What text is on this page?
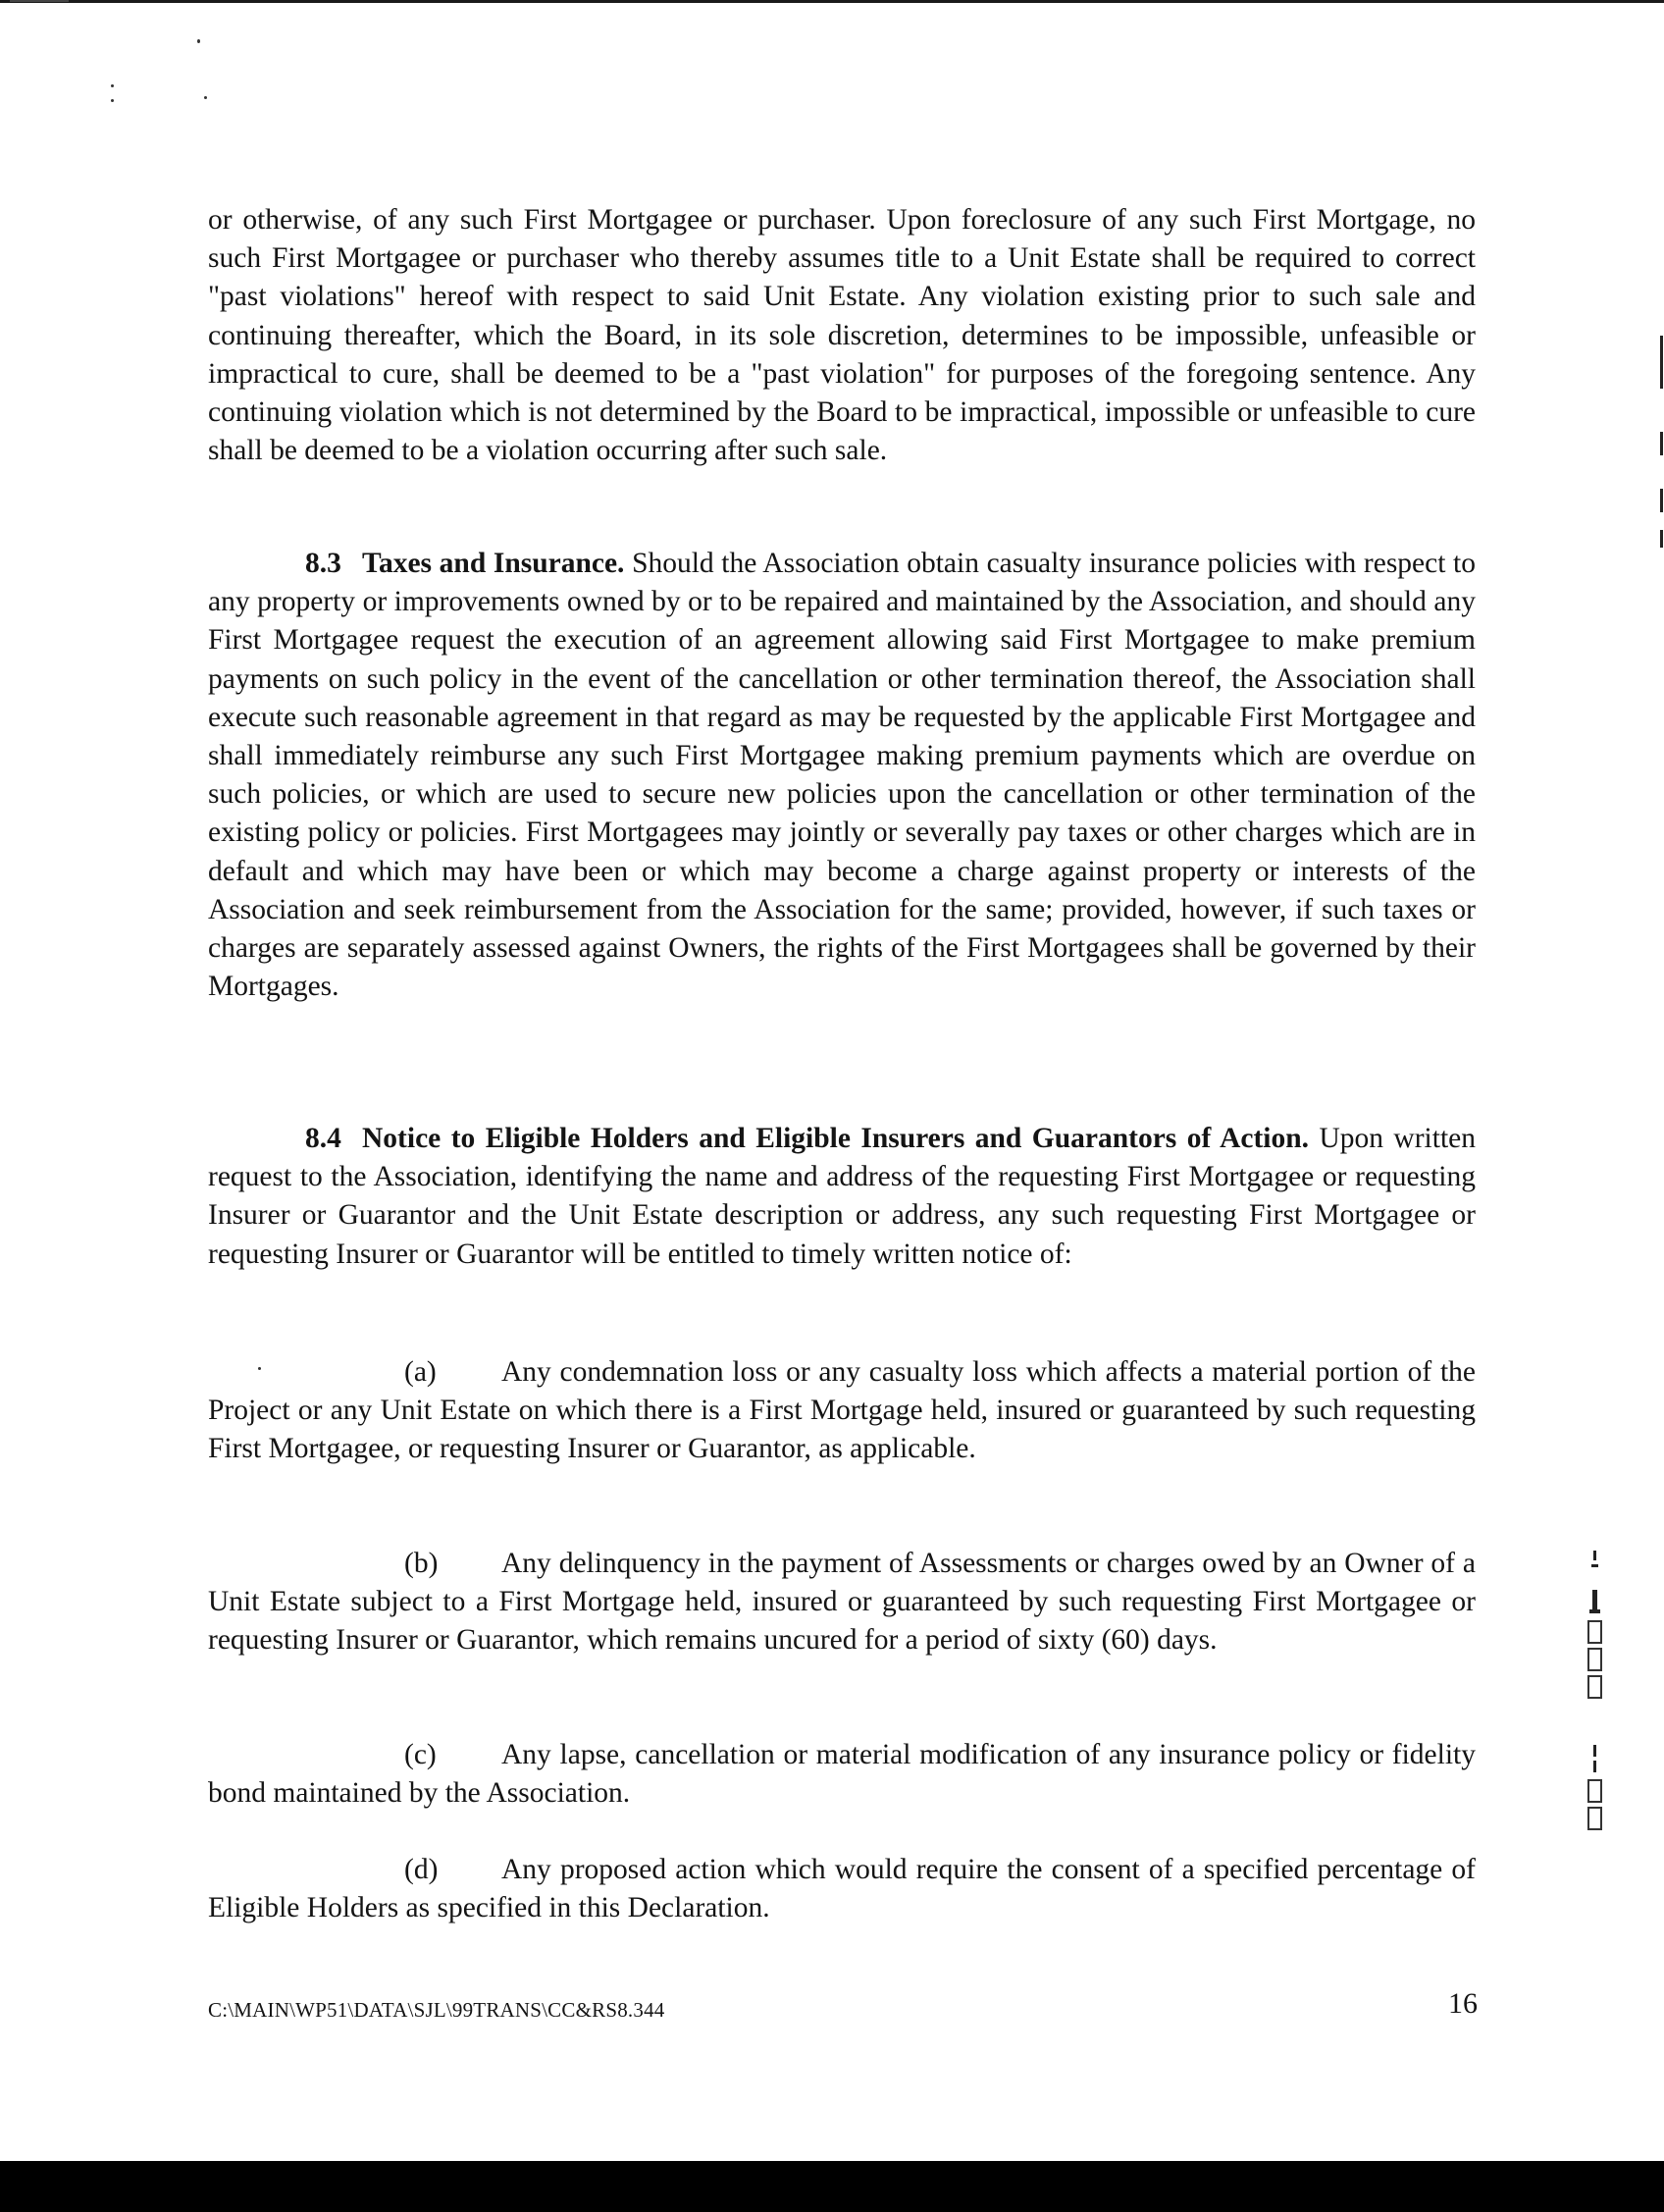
or otherwise, of any such First Mortgagee or purchaser. Upon foreclosure of any such First Mortgage, no such First Mortgagee or purchaser who thereby assumes title to a Unit Estate shall be required to correct "past violations" hereof with respect to said Unit Estate. Any violation existing prior to such sale and continuing thereafter, which the Board, in its sole discretion, determines to be impossible, unfeasible or impractical to cure, shall be deemed to be a "past violation" for purposes of the foregoing sentence. Any continuing violation which is not determined by the Board to be impractical, impossible or unfeasible to cure shall be deemed to be a violation occurring after such sale.

8.3 Taxes and Insurance. Should the Association obtain casualty insurance policies with respect to any property or improvements owned by or to be repaired and maintained by the Association, and should any First Mortgagee request the execution of an agreement allowing said First Mortgagee to make premium payments on such policy in the event of the cancellation or other termination thereof, the Association shall execute such reasonable agreement in that regard as may be requested by the applicable First Mortgagee and shall immediately reimburse any such First Mortgagee making premium payments which are overdue on such policies, or which are used to secure new policies upon the cancellation or other termination of the existing policy or policies. First Mortgagees may jointly or severally pay taxes or other charges which are in default and which may have been or which may become a charge against property or interests of the Association and seek reimbursement from the Association for the same; provided, however, if such taxes or charges are separately assessed against Owners, the rights of the First Mortgagees shall be governed by their Mortgages.

8.4 Notice to Eligible Holders and Eligible Insurers and Guarantors of Action. Upon written request to the Association, identifying the name and address of the requesting First Mortgagee or requesting Insurer or Guarantor and the Unit Estate description or address, any such requesting First Mortgagee or requesting Insurer or Guarantor will be entitled to timely written notice of:

(a) Any condemnation loss or any casualty loss which affects a material portion of the Project or any Unit Estate on which there is a First Mortgage held, insured or guaranteed by such requesting First Mortgagee, or requesting Insurer or Guarantor, as applicable.

(b) Any delinquency in the payment of Assessments or charges owed by an Owner of a Unit Estate subject to a First Mortgage held, insured or guaranteed by such requesting First Mortgagee or requesting Insurer or Guarantor, which remains uncured for a period of sixty (60) days.

(c) Any lapse, cancellation or material modification of any insurance policy or fidelity bond maintained by the Association.

(d) Any proposed action which would require the consent of a specified percentage of Eligible Holders as specified in this Declaration.

C:\MAIN\WP51\DATA\SJL\99TRANS\CC&RS8.344	16
